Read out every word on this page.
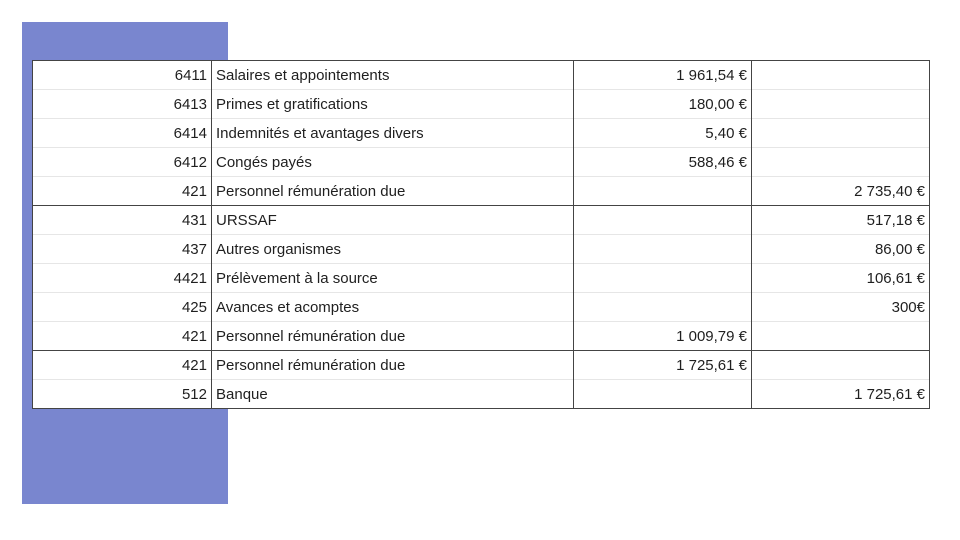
6411	Salaires et appointements	1 961,54 €	
6413	Primes et gratifications	180,00 €	
6414	Indemnités et avantages divers	5,40 €	
6412	Congés payés	588,46 €	
421	Personnel rémunération due		2 735,40 €
431	URSSAF		517,18 €
437	Autres organismes		86,00 €
4421	Prélèvement à la source		106,61 €
425	Avances et acomptes		300€
421	Personnel rémunération due	1 009,79 €	
421	Personnel rémunération due	1 725,61 €	
512	Banque		1 725,61 €
